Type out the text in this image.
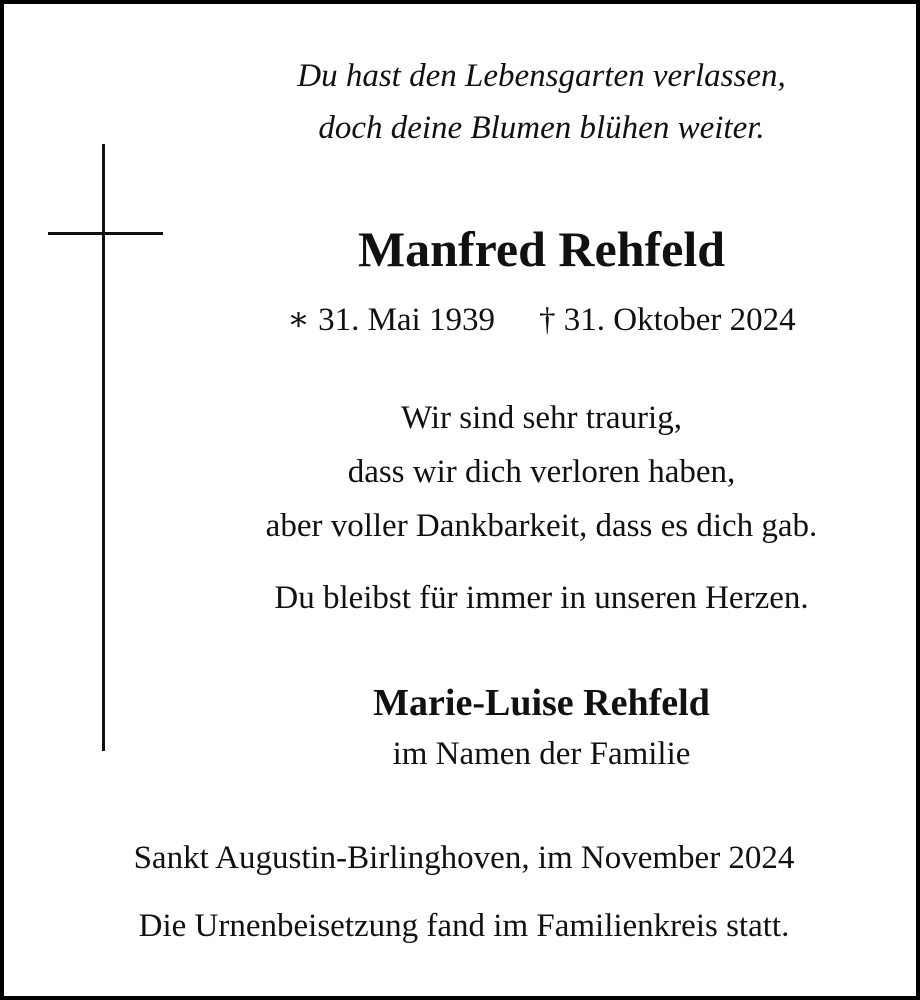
Du hast den Lebensgarten verlassen,

doch deine Blumen blühen weiter.

Manfred Rehfeld

∗ 31. Mai 1939 † 31. Oktober 2024

Wir sind sehr traurig,

dass wir dich verloren haben,

aber voller Dankbarkeit, dass es dich gab.

Du bleibst für immer in unseren Herzen.

Marie-Luise Rehfeld

im Namen der Familie

Sankt Augustin-Birlinghoven, im November 2024

Die Urnenbeisetzung fand im Familienkreis statt.
